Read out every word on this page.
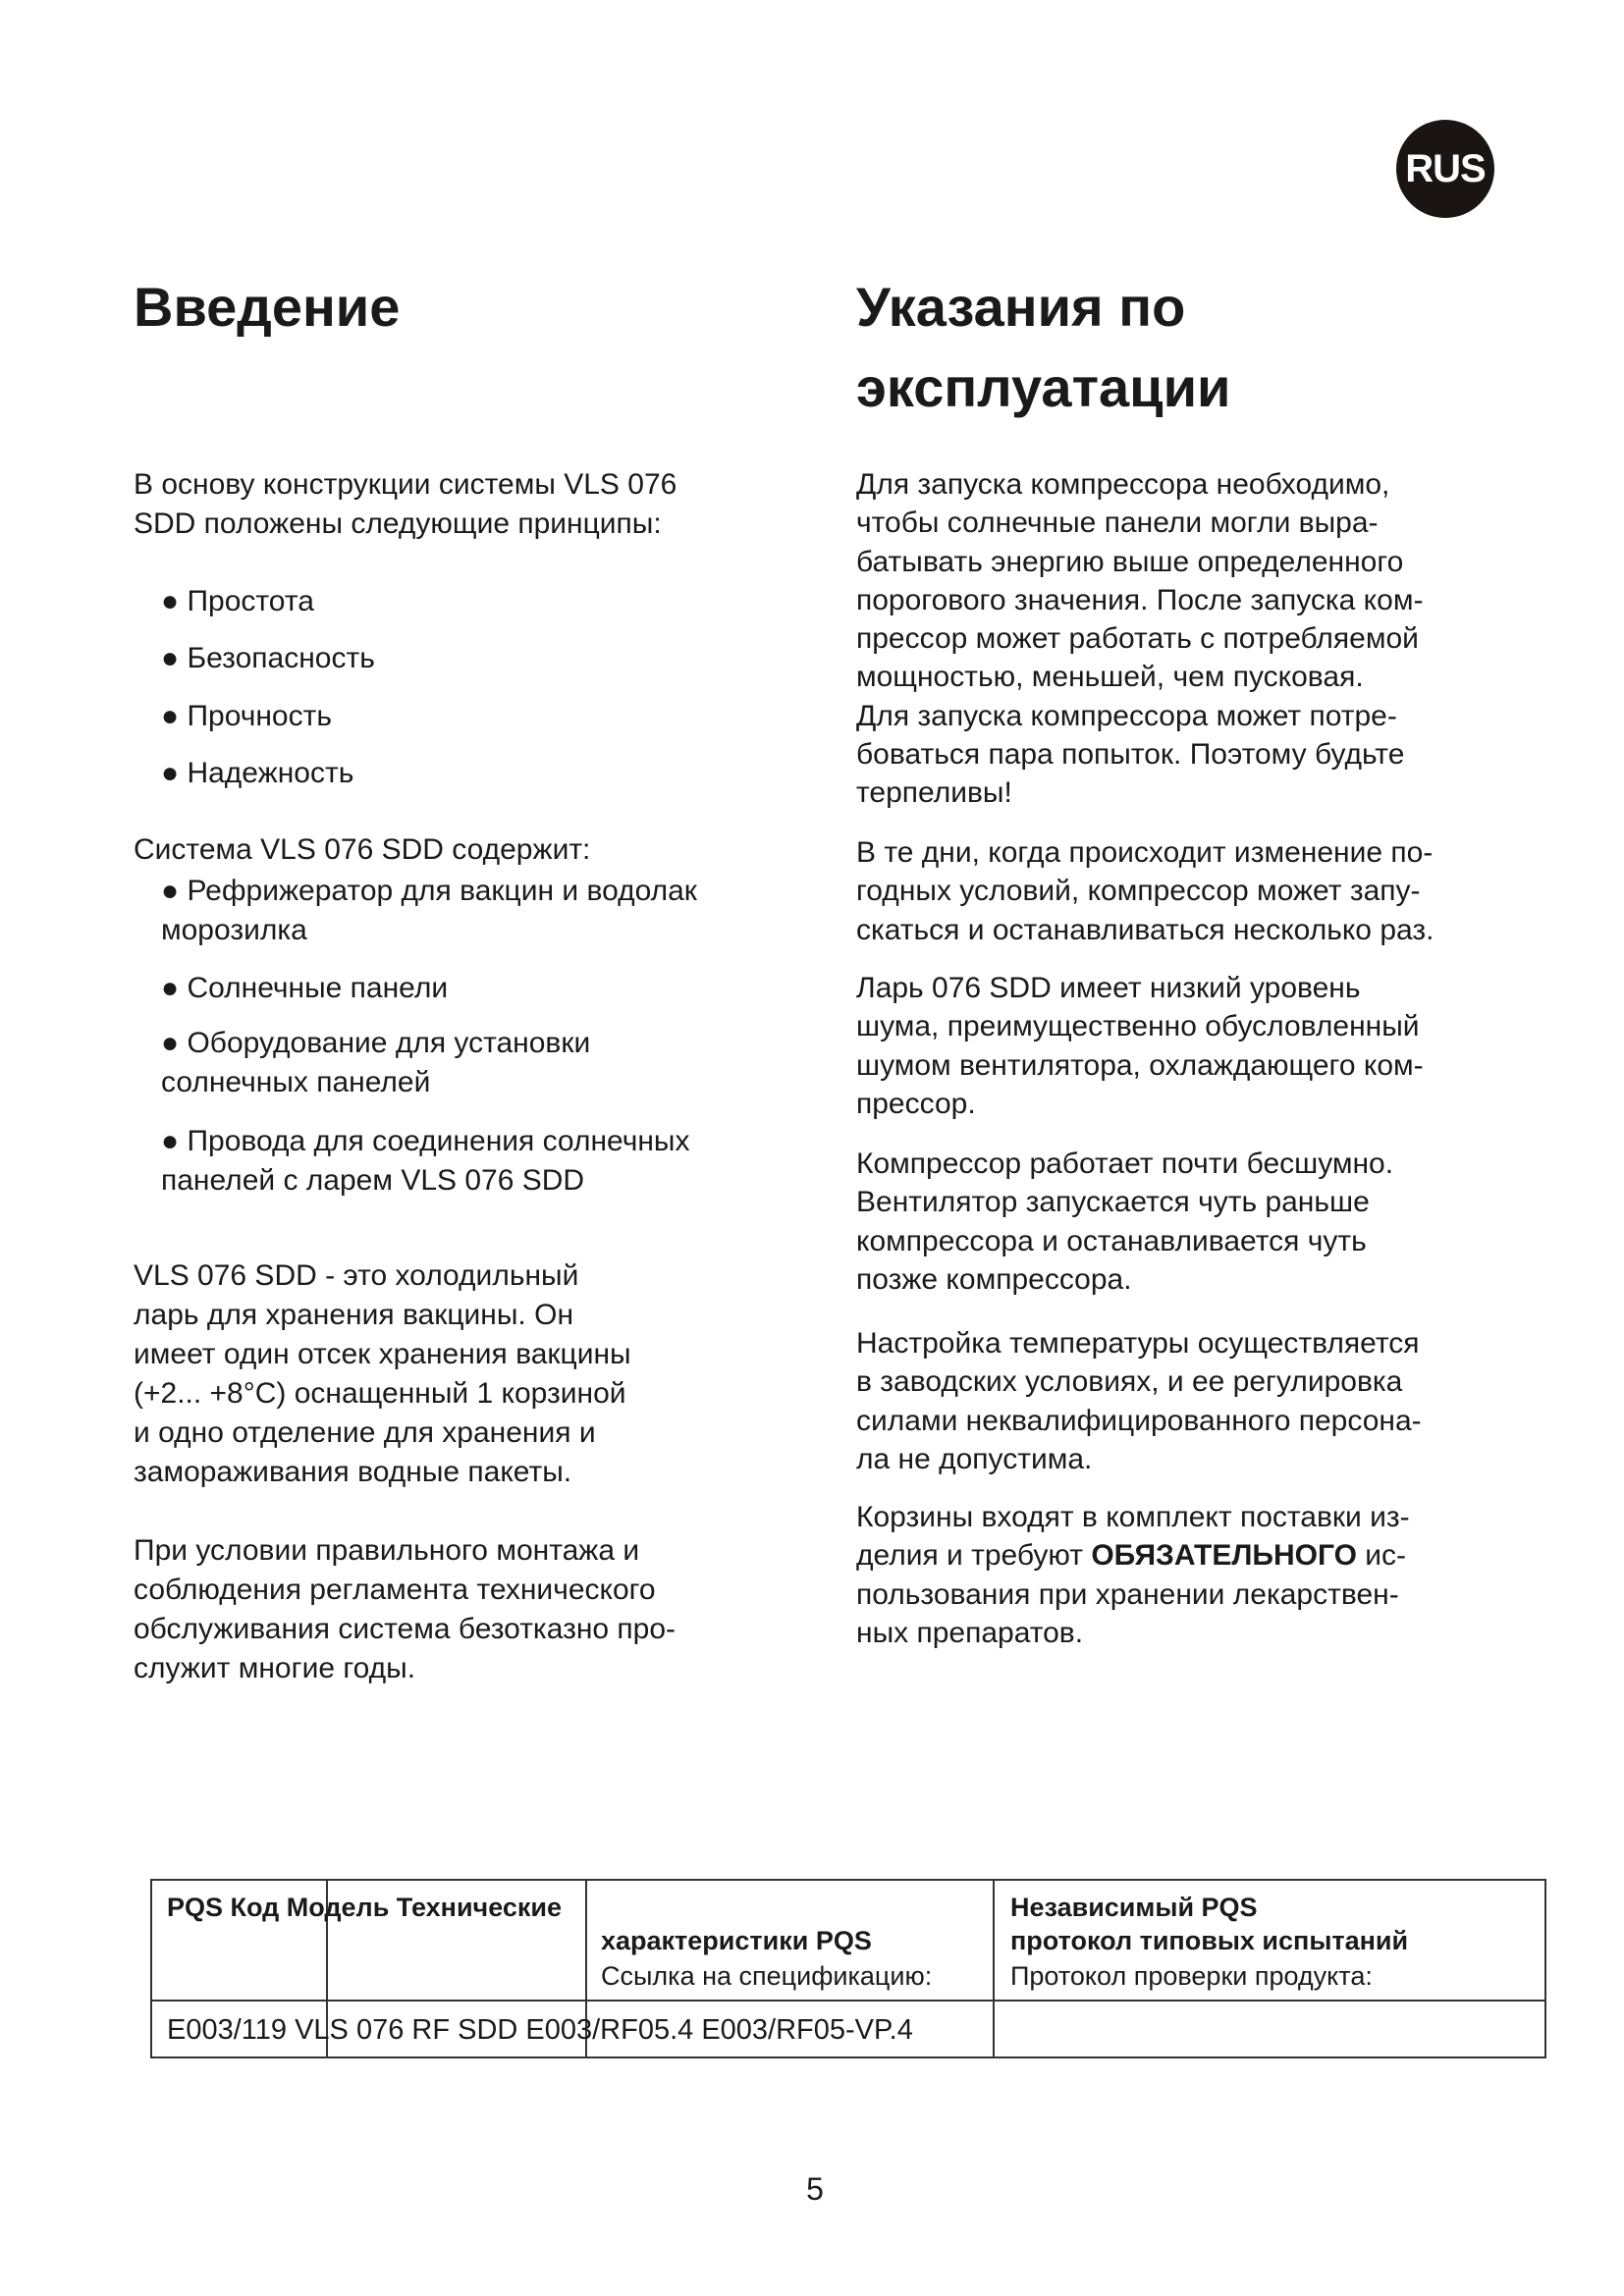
RUS
Введение
В основу конструкции системы VLS 076
SDD положены следующие принципы:
● Простота
● Безопасность
● Прочность
● Надежность
Система VLS 076 SDD содержит:
● Рефрижератор для вакцин и водолак
морозилка
● Солнечные панели
● Оборудование для установки
солнечных панелей
● Провода для соединения солнечных
панелей с ларем VLS 076 SDD
VLS 076 SDD - это холодильный
ларь для хранения вакцины. Он
имеет один отсек хранения вакцины
(+2... +8°C) оснащенный 1 корзиной
и одно отделение для хранения и
замораживания водные пакеты.
При условии правильного монтажа и
соблюдения регламента технического
обслуживания система безотказно про-
служит многие годы.
Указания по
эксплуатации
Для запуска компрессора необходимо,
чтобы солнечные панели могли выра-
батывать энергию выше определенного
порогового значения. После запуска ком-
прессор может работать с потребляемой
мощностью, меньшей, чем пусковая.
Для запуска компрессора может потре-
боваться пара попыток. Поэтому будьте
терпеливы!
В те дни, когда происходит изменение по-
годных условий, компрессор может запу-
скаться и останавливаться несколько раз.
Ларь 076 SDD имеет низкий уровень
шума, преимущественно обусловленный
шумом вентилятора, охлаждающего ком-
прессор.
Компрессор работает почти бесшумно.
Вентилятор запускается чуть раньше
компрессора и останавливается чуть
позже компрессора.
Настройка температуры осуществляется
в заводских условиях, и ее регулировка
силами неквалифицированного персона-
ла не допустима.
Корзины входят в комплект поставки из-
делия и требуют ОБЯЗАТЕЛЬНОГО ис-
пользования при хранении лекарствен-
ных препаратов.
PQS Код Модель Технические
характеристики PQS
Ссылка на спецификацию:
Независимый PQS
протокол типовых испытаний
Протокол проверки продукта:
E003/119 VLS 076 RF SDD E003/RF05.4 E003/RF05-VP.4
5
